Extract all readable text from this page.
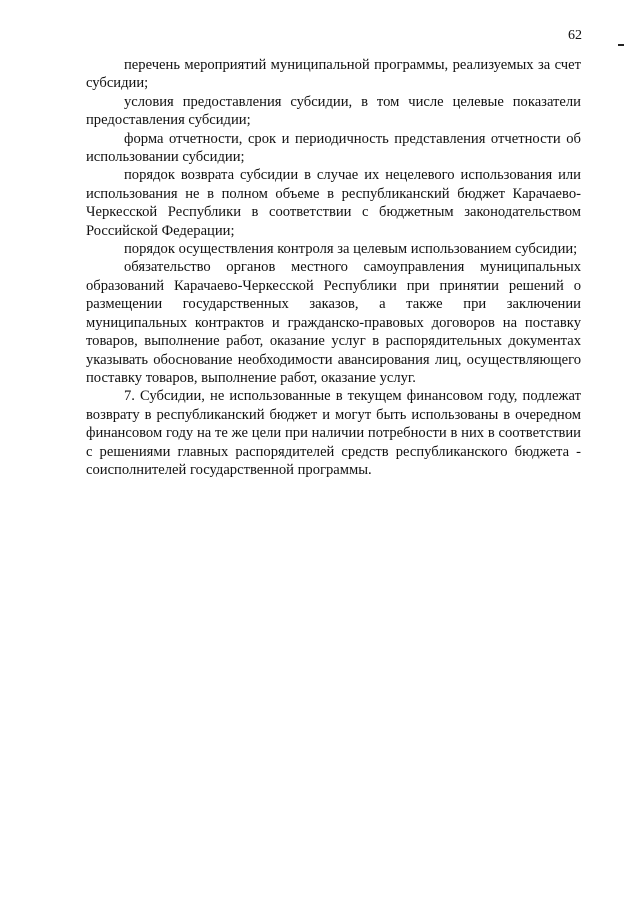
62

перечень мероприятий муниципальной программы, реализуемых за счет субсидии;

условия предоставления субсидии, в том числе целевые показатели предоставления субсидии;

форма отчетности, срок и периодичность представления отчетности об использовании субсидии;

порядок возврата субсидии в случае их нецелевого использования или использования не в полном объеме в республиканский бюджет Карачаево-Черкесской Республики в соответствии с бюджетным законодательством Российской Федерации;

порядок осуществления контроля за целевым использованием субсидии;

обязательство органов местного самоуправления муниципальных образований Карачаево-Черкесской Республики при принятии решений о размещении государственных заказов, а также при заключении муниципальных контрактов и гражданско-правовых договоров на поставку товаров, выполнение работ, оказание услуг в распорядительных документах указывать обоснование необходимости авансирования лиц, осуществляющего поставку товаров, выполнение работ, оказание услуг.

7. Субсидии, не использованные в текущем финансовом году, подлежат возврату в республиканский бюджет и могут быть использованы в очередном финансовом году на те же цели при наличии потребности в них в соответствии с решениями главных распорядителей средств республиканского бюджета - соисполнителей государственной программы.
